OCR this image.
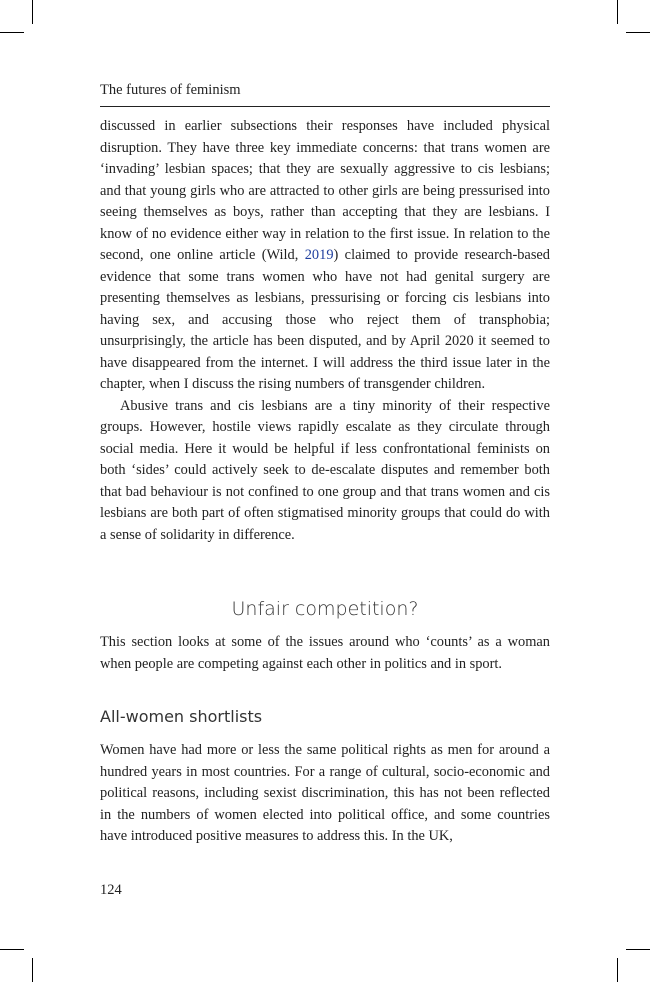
The futures of feminism

discussed in earlier subsections their responses have included physical disruption. They have three key immediate concerns: that trans women are ‘invading’ lesbian spaces; that they are sexually aggressive to cis lesbians; and that young girls who are attracted to other girls are being pressurised into seeing themselves as boys, rather than accepting that they are lesbians. I know of no evidence either way in relation to the first issue. In relation to the second, one online article (Wild, 2019) claimed to provide research-based evidence that some trans women who have not had genital surgery are presenting themselves as lesbians, pressurising or forcing cis lesbians into having sex, and accusing those who reject them of transphobia; unsurprisingly, the article has been disputed, and by April 2020 it seemed to have disappeared from the internet. I will address the third issue later in the chapter, when I discuss the rising numbers of transgender children.

Abusive trans and cis lesbians are a tiny minority of their respective groups. However, hostile views rapidly escalate as they circulate through social media. Here it would be helpful if less confrontational feminists on both ‘sides’ could actively seek to de-escalate disputes and remember both that bad behaviour is not confined to one group and that trans women and cis lesbians are both part of often stigmatised minority groups that could do with a sense of solidarity in difference.

Unfair competition?
This section looks at some of the issues around who ‘counts’ as a woman when people are competing against each other in politics and in sport.
All-women shortlists
Women have had more or less the same political rights as men for around a hundred years in most countries. For a range of cultural, socio-economic and political reasons, including sexist discrimination, this has not been reflected in the numbers of women elected into political office, and some countries have introduced positive measures to address this. In the UK,
124
